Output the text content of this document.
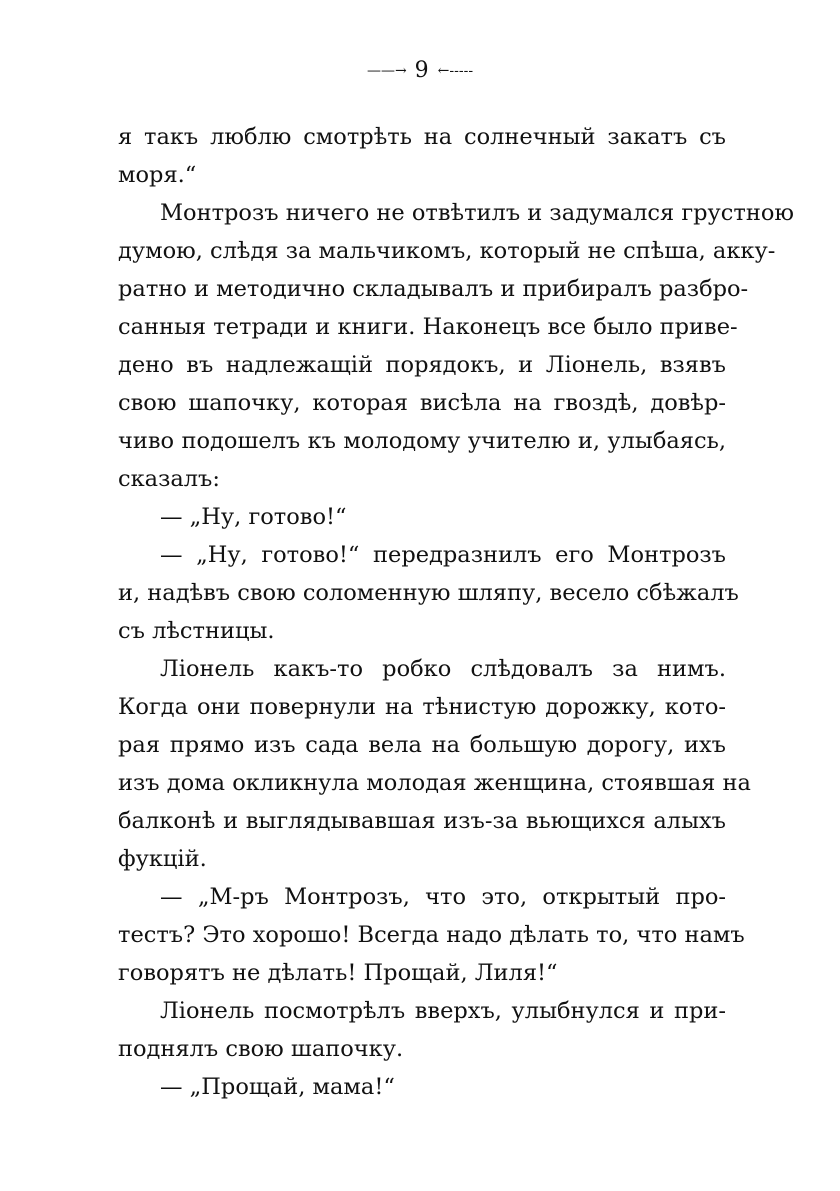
——→ 9 ←-----
я такъ люблю смотрѣть на солнечный закатъ съ
моря.“
Монтрозъ ничего не отвѣтилъ и задумался грустною
думою, слѣдя за мальчикомъ, который не спѣша, акку-
ратно и методично складывалъ и прибиралъ разбро-
санныя тетради и книги. Наконецъ все было приве-
дено въ надлежащій порядокъ, и Ліонель, взявъ
свою шапочку, которая висѣла на гвоздѣ, довѣр-
чиво подошелъ къ молодому учителю и, улыбаясь,
сказалъ:
— „Ну, готово!“
— „Ну, готово!“ передразнилъ его Монтрозъ
и, надѣвъ свою соломенную шляпу, весело сбѣжалъ
съ лѣстницы.
Ліонель какъ-то робко слѣдовалъ за нимъ.
Когда они повернули на тѣнистую дорожку, кото-
рая прямо изъ сада вела на большую дорогу, ихъ
изъ дома окликнула молодая женщина, стоявшая на
балконѣ и выглядывавшая изъ-за вьющихся алыхъ
фукцій.
— „М-ръ Монтрозъ, что это, открытый про-
тестъ? Это хорошо! Всегда надо дѣлать то, что намъ
говорятъ не дѣлать! Прощай, Лиля!“
Ліонель посмотрѣлъ вверхъ, улыбнулся и при-
поднялъ свою шапочку.
— „Прощай, мама!“
